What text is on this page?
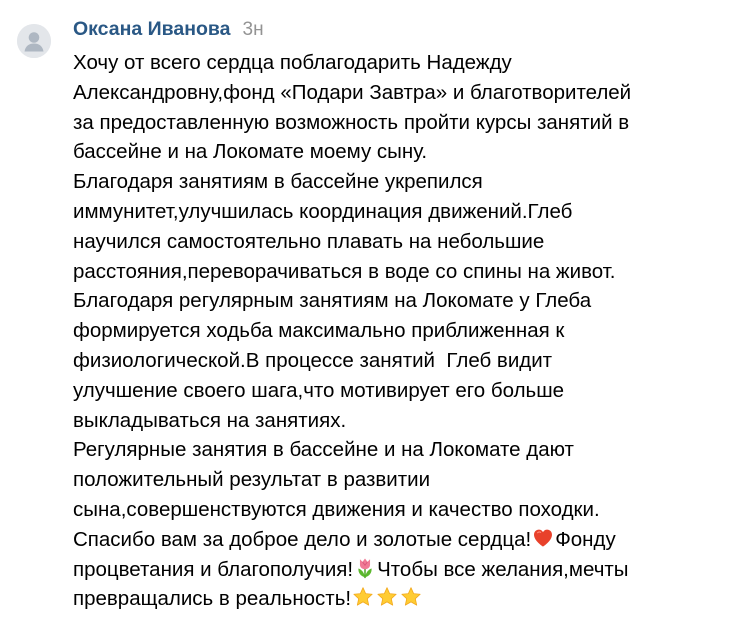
Оксана Иванова 3н
Хочу от всего сердца поблагодарить Надежду
Александровну,фонд «Подари Завтра» и благотворителей
за предоставленную возможность пройти курсы занятий в
бассейне и на Локомате моему сыну.
Благодаря занятиям в бассейне укрепился
иммунитет,улучшилась координация движений.Глеб
научился самостоятельно плавать на небольшие
расстояния,переворачиваться в воде со спины на живот.
Благодаря регулярным занятиям на Локомате у Глеба
формируется ходьба максимально приближенная к
физиологической.В процессе занятий  Глеб видит
улучшение своего шага,что мотивирует его больше
выкладываться на занятиях.
Регулярные занятия в бассейне и на Локомате дают
положительный результат в развитии
сына,совершенствуются движения и качество походки.
Спасибо вам за доброе дело и золотые сердца! Фонду
процветания и благополучия! Чтобы все желания,мечты
превращались в реальность!
